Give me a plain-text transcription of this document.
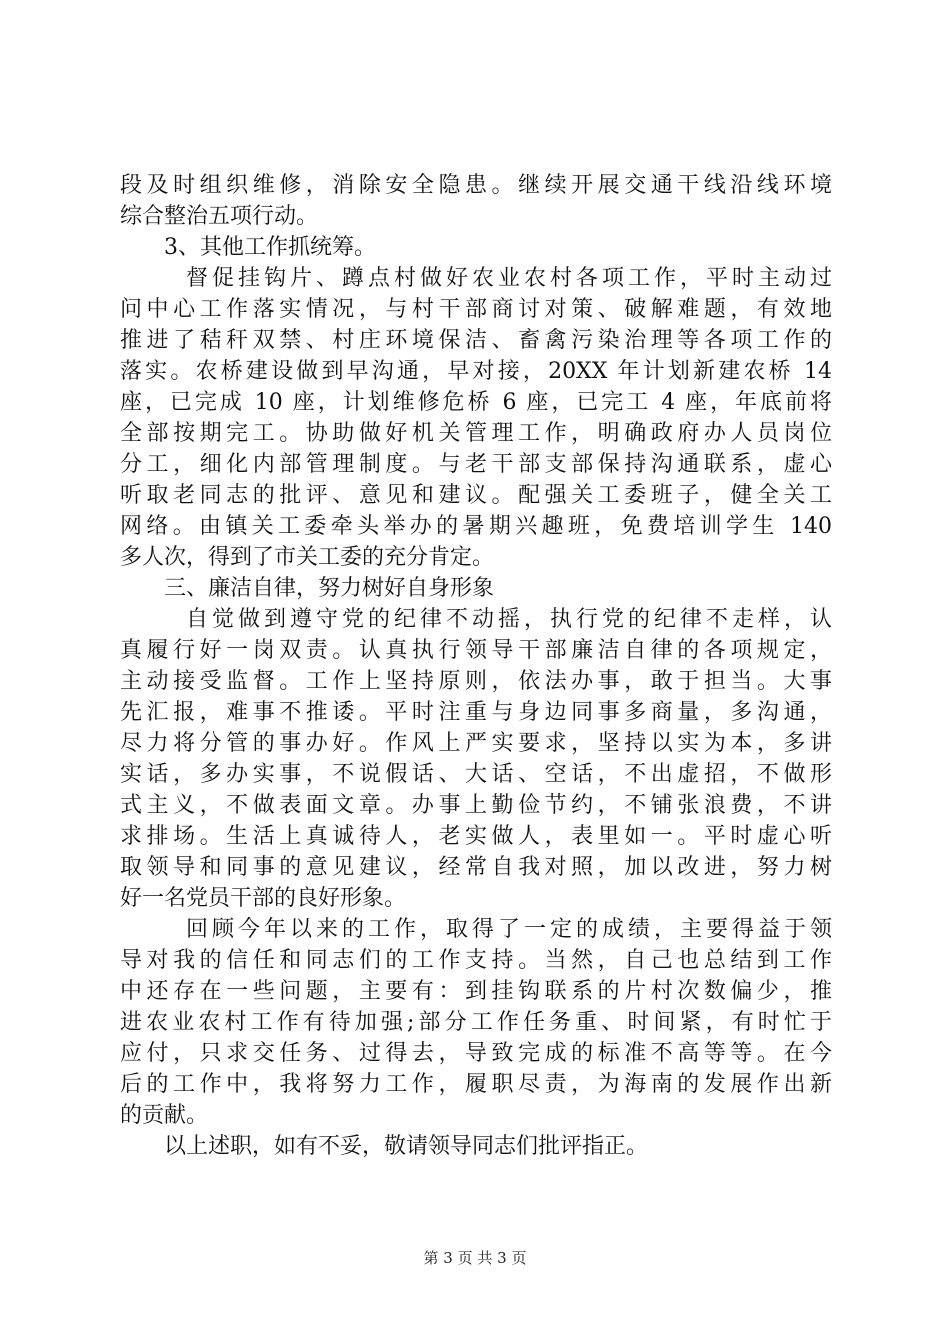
段及时组织维修，消除安全隐患。继续开展交通干线沿线环境
综合整治五项行动。
3、其他工作抓统筹。
督促挂钩片、蹲点村做好农业农村各项工作，平时主动过
问中心工作落实情况，与村干部商讨对策、破解难题，有效地
推进了秸秆双禁、村庄环境保洁、畜禽污染治理等各项工作的
落实。农桥建设做到早沟通，早对接，20XX 年计划新建农桥 14
座，已完成 10 座，计划维修危桥 6 座，已完工 4 座，年底前将
全部按期完工。协助做好机关管理工作，明确政府办人员岗位
分工，细化内部管理制度。与老干部支部保持沟通联系，虚心
听取老同志的批评、意见和建议。配强关工委班子，健全关工
网络。由镇关工委牵头举办的暑期兴趣班，免费培训学生 140
多人次，得到了市关工委的充分肯定。
三、廉洁自律，努力树好自身形象
自觉做到遵守党的纪律不动摇，执行党的纪律不走样，认
真履行好一岗双责。认真执行领导干部廉洁自律的各项规定，
主动接受监督。工作上坚持原则，依法办事，敢于担当。大事
先汇报，难事不推诿。平时注重与身边同事多商量，多沟通，
尽力将分管的事办好。作风上严实要求，坚持以实为本，多讲
实话，多办实事，不说假话、大话、空话，不出虚招，不做形
式主义，不做表面文章。办事上勤俭节约，不铺张浪费，不讲
求排场。生活上真诚待人，老实做人，表里如一。平时虚心听
取领导和同事的意见建议，经常自我对照，加以改进，努力树
好一名党员干部的良好形象。
回顾今年以来的工作，取得了一定的成绩，主要得益于领
导对我的信任和同志们的工作支持。当然，自己也总结到工作
中还存在一些问题，主要有：到挂钩联系的片村次数偏少，推
进农业农村工作有待加强;部分工作任务重、时间紧，有时忙于
应付，只求交任务、过得去，导致完成的标准不高等等。在今
后的工作中，我将努力工作，履职尽责，为海南的发展作出新
的贡献。
以上述职，如有不妥，敬请领导同志们批评指正。
第 3 页 共 3 页
